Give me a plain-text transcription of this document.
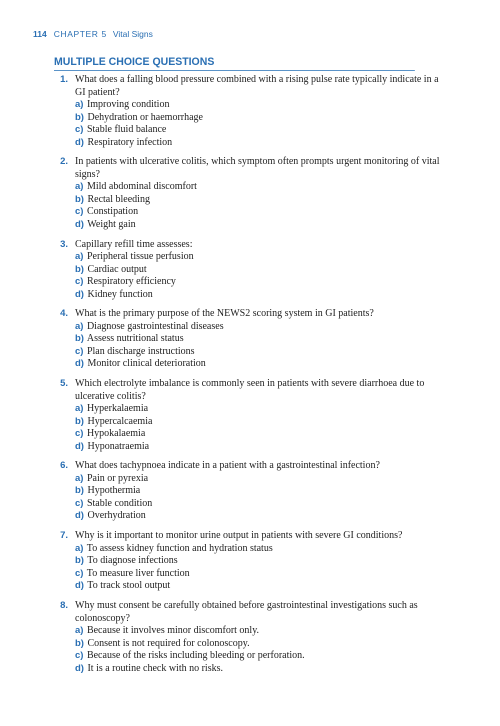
114 CHAPTER 5 Vital Signs
MULTIPLE CHOICE QUESTIONS
1. What does a falling blood pressure combined with a rising pulse rate typically indicate in a GI patient?
a) Improving condition
b) Dehydration or haemorrhage
c) Stable fluid balance
d) Respiratory infection
2. In patients with ulcerative colitis, which symptom often prompts urgent monitoring of vital signs?
a) Mild abdominal discomfort
b) Rectal bleeding
c) Constipation
d) Weight gain
3. Capillary refill time assesses:
a) Peripheral tissue perfusion
b) Cardiac output
c) Respiratory efficiency
d) Kidney function
4. What is the primary purpose of the NEWS2 scoring system in GI patients?
a) Diagnose gastrointestinal diseases
b) Assess nutritional status
c) Plan discharge instructions
d) Monitor clinical deterioration
5. Which electrolyte imbalance is commonly seen in patients with severe diarrhoea due to ulcerative colitis?
a) Hyperkalaemia
b) Hypercalcaemia
c) Hypokalaemia
d) Hyponatraemia
6. What does tachypnoea indicate in a patient with a gastrointestinal infection?
a) Pain or pyrexia
b) Hypothermia
c) Stable condition
d) Overhydration
7. Why is it important to monitor urine output in patients with severe GI conditions?
a) To assess kidney function and hydration status
b) To diagnose infections
c) To measure liver function
d) To track stool output
8. Why must consent be carefully obtained before gastrointestinal investigations such as colonoscopy?
a) Because it involves minor discomfort only.
b) Consent is not required for colonoscopy.
c) Because of the risks including bleeding or perforation.
d) It is a routine check with no risks.
